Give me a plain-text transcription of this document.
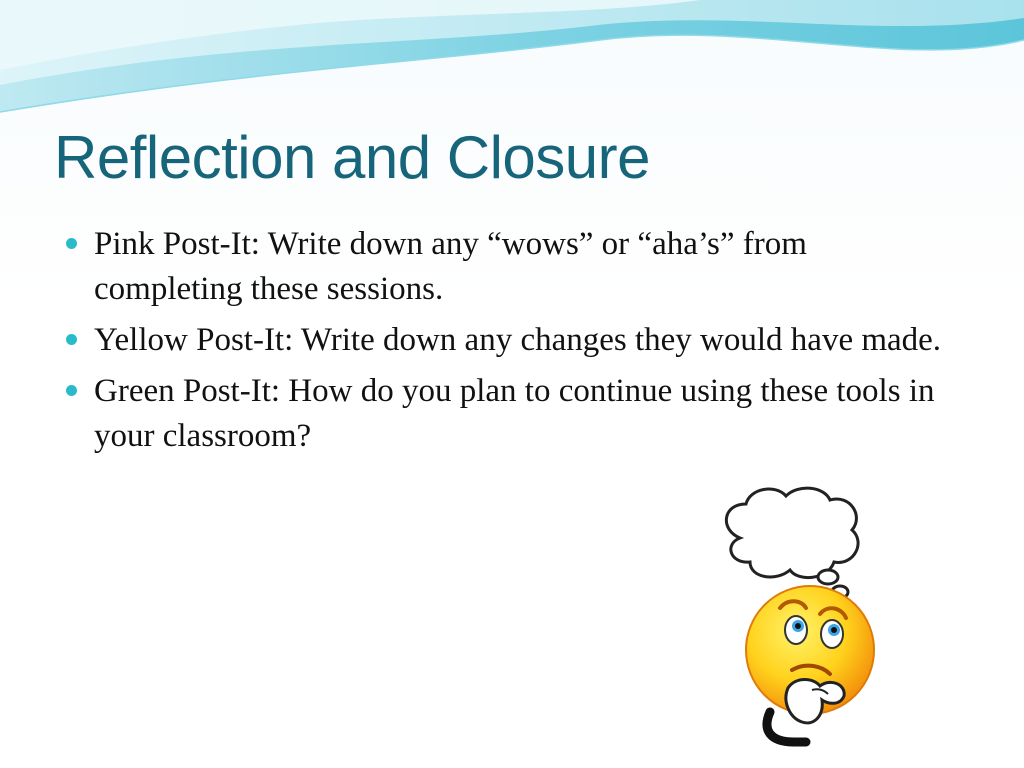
Reflection and Closure
Pink Post-It: Write down any “wows” or “aha’s” from completing these sessions.
Yellow Post-It: Write down any changes they would have made.
Green Post-It: How do you plan to continue using these tools in your classroom?
